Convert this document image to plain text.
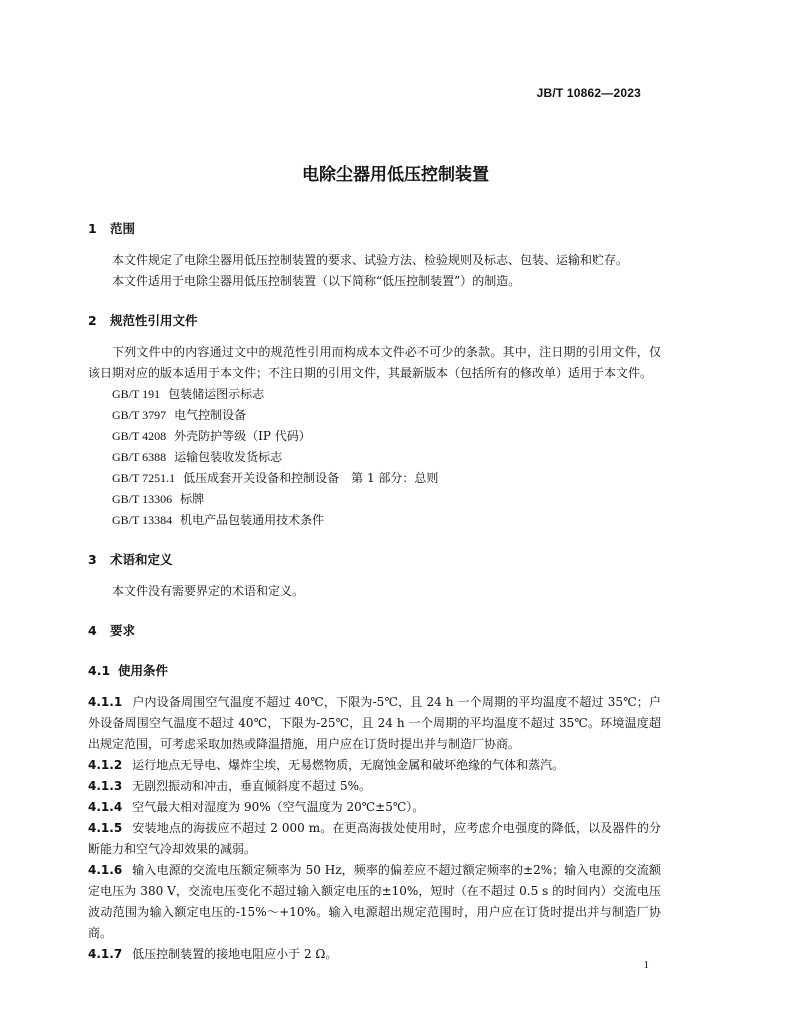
JB/T 10862—2023
电除尘器用低压控制装置
1 范围

本文件规定了电除尘器用低压控制装置的要求、试验方法、检验规则及标志、包装、运输和贮存。

本文件适用于电除尘器用低压控制装置（以下简称“低压控制装置”）的制造。

2 规范性引用文件

下列文件中的内容通过文中的规范性引用而构成本文件必不可少的条款。其中，注日期的引用文件，仅该日期对应的版本适用于本文件；不注日期的引用文件，其最新版本（包括所有的修改单）适用于本文件。

GB/T 191 包装储运图示标志
GB/T 3797 电气控制设备
GB/T 4208 外壳防护等级（IP 代码）
GB/T 6388 运输包装收发货标志
GB/T 7251.1 低压成套开关设备和控制设备　第 1 部分：总则
GB/T 13306 标牌
GB/T 13384 机电产品包装通用技术条件
3 术语和定义

本文件没有需要界定的术语和定义。

4 要求
4.1 使用条件

4.1.1 户内设备周围空气温度不超过 40℃，下限为-5℃，且 24 h 一个周期的平均温度不超过 35℃；户外设备周围空气温度不超过 40℃，下限为-25℃，且 24 h 一个周期的平均温度不超过 35℃。环境温度超出规定范围，可考虑采取加热或降温措施，用户应在订货时提出并与制造厂协商。

4.1.2 运行地点无导电、爆炸尘埃，无易燃物质，无腐蚀金属和破坏绝缘的气体和蒸汽。

4.1.3 无剧烈振动和冲击，垂直倾斜度不超过 5%。

4.1.4 空气最大相对湿度为 90%（空气温度为 20℃±5℃）。

4.1.5 安装地点的海拔应不超过 2 000 m。在更高海拔处使用时，应考虑介电强度的降低，以及器件的分断能力和空气冷却效果的减弱。

4.1.6 输入电源的交流电压额定频率为 50 Hz，频率的偏差应不超过额定频率的±2%；输入电源的交流额定电压为 380 V，交流电压变化不超过输入额定电压的±10%，短时（在不超过 0.5 s 的时间内）交流电压波动范围为输入额定电压的-15%～+10%。输入电源超出规定范围时，用户应在订货时提出并与制造厂协商。

4.1.7 低压控制装置的接地电阻应小于 2 Ω。

1
